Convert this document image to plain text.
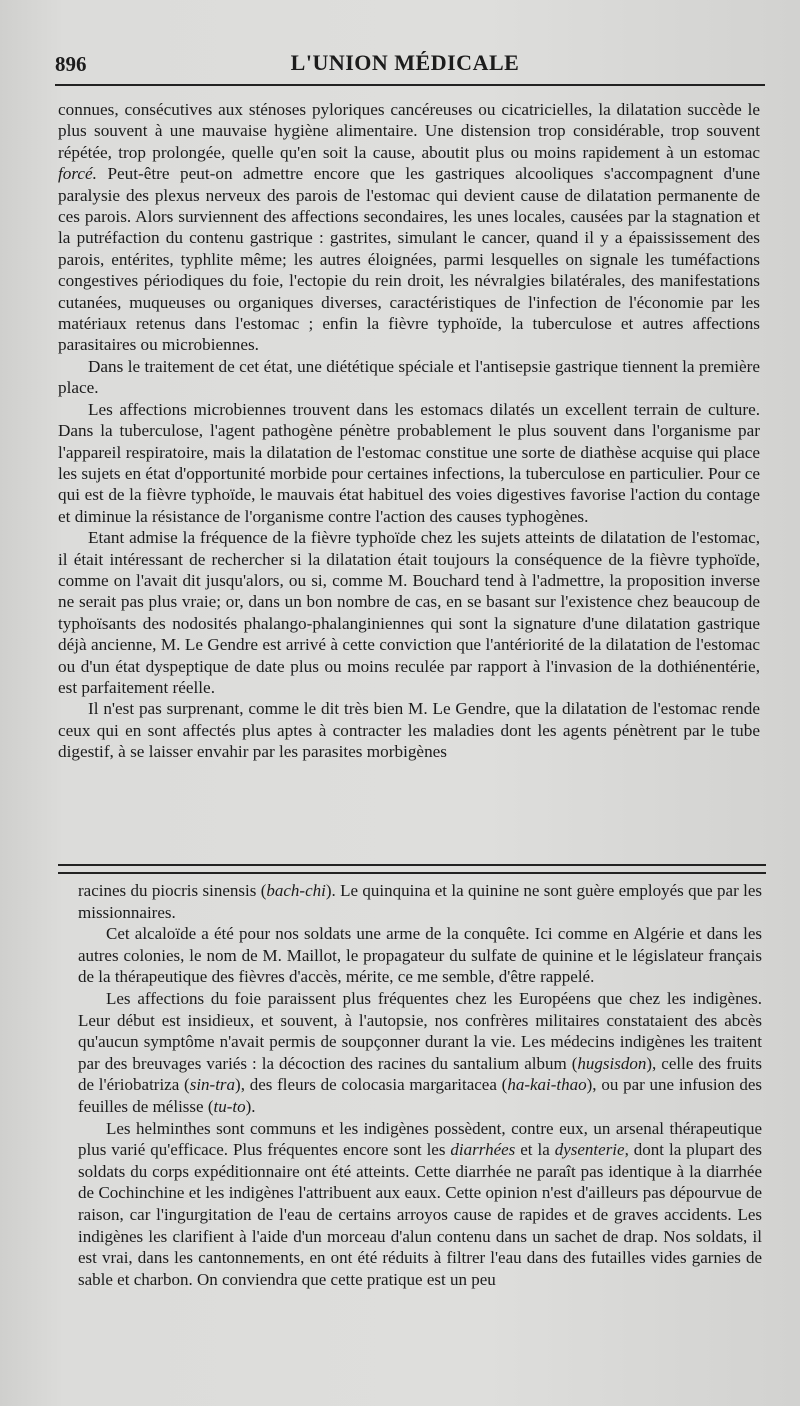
896	L'UNION MÉDICALE

connues, consécutives aux sténoses pyloriques cancéreuses ou cicatricielles, la dilatation succède le plus souvent à une mauvaise hygiène alimentaire. Une distension trop considérable, trop souvent répétée, trop prolongée, quelle qu'en soit la cause, aboutit plus ou moins rapidement à un estomac forcé. Peut-être peut-on admettre encore que les gastriques alcooliques s'accompagnent d'une paralysie des plexus nerveux des parois de l'estomac qui devient cause de dilatation permanente de ces parois. Alors surviennent des affections secondaires, les unes locales, causées par la stagnation et la putréfaction du contenu gastrique : gastrites, simulant le cancer, quand il y a épaississement des parois, entérites, typhlite même; les autres éloignées, parmi lesquelles on signale les tuméfactions congestives périodiques du foie, l'ectopie du rein droit, les névralgies bilatérales, des manifestations cutanées, muqueuses ou organiques diverses, caractéristiques de l'infection de l'économie par les matériaux retenus dans l'estomac ; enfin la fièvre typhoïde, la tuberculose et autres affections parasitaires ou microbiennes.

Dans le traitement de cet état, une diététique spéciale et l'antisepsie gastrique tiennent la première place.

Les affections microbiennes trouvent dans les estomacs dilatés un excellent terrain de culture. Dans la tuberculose, l'agent pathogène pénètre probablement le plus souvent dans l'organisme par l'appareil respiratoire, mais la dilatation de l'estomac constitue une sorte de diathèse acquise qui place les sujets en état d'opportunité morbide pour certaines infections, la tuberculose en particulier. Pour ce qui est de la fièvre typhoïde, le mauvais état habituel des voies digestives favorise l'action du contage et diminue la résistance de l'organisme contre l'action des causes typhogènes.

Etant admise la fréquence de la fièvre typhoïde chez les sujets atteints de dilatation de l'estomac, il était intéressant de rechercher si la dilatation était toujours la conséquence de la fièvre typhoïde, comme on l'avait dit jusqu'alors, ou si, comme M. Bouchard tend à l'admettre, la proposition inverse ne serait pas plus vraie; or, dans un bon nombre de cas, en se basant sur l'existence chez beaucoup de typhoïsants des nodosités phalango-phalanginiennes qui sont la signature d'une dilatation gastrique déjà ancienne, M. Le Gendre est arrivé à cette conviction que l'antériorité de la dilatation de l'estomac ou d'un état dyspeptique de date plus ou moins reculée par rapport à l'invasion de la dothiénentérie, est parfaitement réelle.

Il n'est pas surprenant, comme le dit très bien M. Le Gendre, que la dilatation de l'estomac rende ceux qui en sont affectés plus aptes à contracter les maladies dont les agents pénètrent par le tube digestif, à se laisser envahir par les parasites morbigènes

racines du piocris sinensis (bach-chi). Le quinquina et la quinine ne sont guère employés que par les missionnaires.

Cet alcaloïde a été pour nos soldats une arme de la conquête. Ici comme en Algérie et dans les autres colonies, le nom de M. Maillot, le propagateur du sulfate de quinine et le législateur français de la thérapeutique des fièvres d'accès, mérite, ce me semble, d'être rappelé.

Les affections du foie paraissent plus fréquentes chez les Européens que chez les indigènes. Leur début est insidieux, et souvent, à l'autopsie, nos confrères militaires constataient des abcès qu'aucun symptôme n'avait permis de soupçonner durant la vie. Les médecins indigènes les traitent par des breuvages variés : la décoction des racines du santalium album (hugsisdon), celle des fruits de l'ériobatriza (sin-tra), des fleurs de colocasia margaritacea (ha-kai-thao), ou par une infusion des feuilles de mélisse (tu-to).

Les helminthes sont communs et les indigènes possèdent, contre eux, un arsenal thérapeutique plus varié qu'efficace. Plus fréquentes encore sont les diarrhées et la dysenterie, dont la plupart des soldats du corps expéditionnaire ont été atteints. Cette diarrhée ne paraît pas identique à la diarrhée de Cochinchine et les indigènes l'attribuent aux eaux. Cette opinion n'est d'ailleurs pas dépourvue de raison, car l'ingurgitation de l'eau de certains arroyos cause de rapides et de graves accidents. Les indigènes les clarifient à l'aide d'un morceau d'alun contenu dans un sachet de drap. Nos soldats, il est vrai, dans les cantonnements, en ont été réduits à filtrer l'eau dans des futailles vides garnies de sable et charbon. On conviendra que cette pratique est un peu
